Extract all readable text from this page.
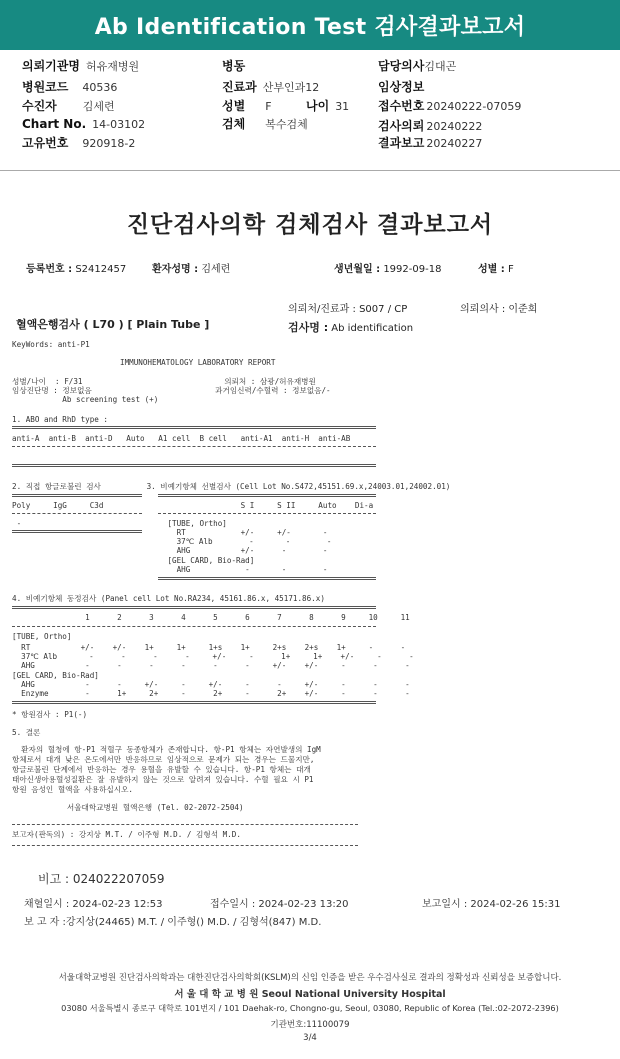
Ab Identification Test 검사결과보고서
의뢰기관명 허유재병원
병원코드 40536
수진자 김세련
Chart No. 14-03102
고유번호 920918-2
병동
진료과 산부인과12
성별 F	나이 31
검체 복수검체
담당의사김대곤
임상정보
접수번호 20240222-07059
검사의뢰 20240222
결과보고 20240227
진단검사의학 검체검사 결과보고서
등록번호 : S2412457	환자성명 : 김세련	생년월일 : 1992-09-18	성별 : F
의뢰처/진료과 : S007 / CP	의뢰의사 : 이준희
혈액은행검사 ( L70 ) [ Plain Tube ]	검사명 : Ab identification
KeyWords: anti-P1
IMMUNOHEMATOLOGY LABORATORY REPORT
성별/나이  : F/31                               의뢰처 : 삼광/허유재병원
임상진단명 : 정보없음                           과거임신력/수혈력 : 정보없음/-
Ab screening test (+)
1. ABO and RhD type :
anti-A  anti-B  anti-D   Auto   A1 cell  B cell   anti-A1  anti-H  anti-AB
2. 직접 항글로불린 검사          3. 비예기항체 선별검사 (Cell Lot No.S472,45151.69.x,24003.01,24002.01)
Poly     IgG     C3d                              S I     S II     Auto    Di-a
-                                [TUBE, Ortho]
RT            +/-     +/-       -
37℃ Alb        -       -        -
AHG           +/-      -        -
[GEL CARD, Bio-Rad]
AHG            -       -        -
4. 비예기항체 동정검사 (Panel cell Lot No.RA234, 45161.86.x, 45171.86.x)
1      2      3      4      5      6      7      8      9     10     11
[TUBE, Ortho]
RT           +/-    +/-    1+     1+     1+s    1+     2+s    2+s    1+     -      -
37℃ Alb       -      -      -      -     +/-     -      1+     1+    +/-     -      -
AHG           -      -      -      -      -      -     +/-    +/-     -      -      -
[GEL CARD, Bio-Rad]
AHG           -      -     +/-     -     +/-     -      -     +/-     -      -      -
Enzyme        -      1+     2+     -      2+     -      2+    +/-     -      -      -
* 항원검사 : P1(-)
5. 결론
환자의 혈청에 항-P1 적혈구 동종항체가 존재합니다. 항-P1 항체는 자연발생의 IgM
항체로서 대개 낮은 온도에서만 반응하므로 임상적으로 문제가 되는 경우는 드물지만,
항글로불린 단계에서 반응하는 경우 용혈을 유발할 수 있습니다. 항-P1 항체는 대개
태아신생아용혈성질환은 잘 유발하지 않는 것으로 알려져 있습니다. 수혈 필요 시 P1
항원 음성인 혈액을 사용하십시오.
서울대학교병원 혈액은행 (Tel. 02-2072-2504)
보고자(판독의) : 강지상 M.T. / 이주형 M.D. / 김형석 M.D.
비고 : 024022207059
채혈일시 : 2024-02-23 12:53	접수일시 : 2024-02-23 13:20	보고일시 : 2024-02-26 15:31
보 고 자 :강지상(24465) M.T. / 이주형() M.D. / 김형석(847) M.D.
서울대학교병원 진단검사의학과는 대한진단검사의학회(KSLM)의 신임 인증을 받은 우수검사실로 결과의 정확성과 신뢰성을 보증합니다.
서 울 대 학 교 병 원 Seoul National University Hospital
03080 서울특별시 종로구 대학로 101번지 / 101 Daehak-ro, Chongno-gu, Seoul, 03080, Republic of Korea (Tel.:02-2072-2396)
기관번호:11100079
3/4
